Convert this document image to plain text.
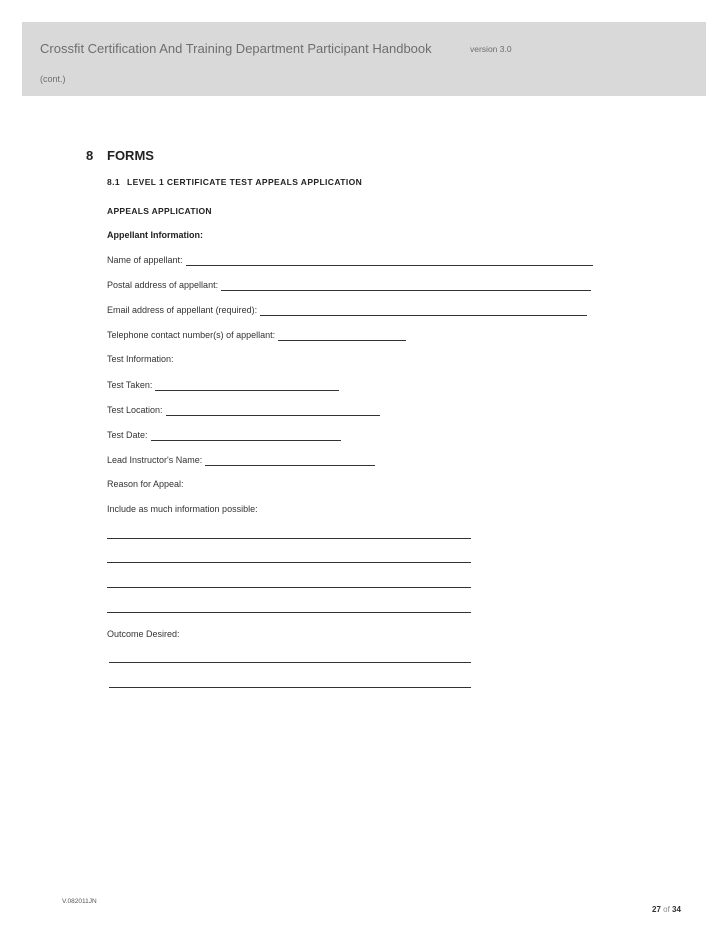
Crossfit Certification And Training Department Participant Handbook	version 3.0
(cont.)
8 FORMS
8.1 LEVEL 1 CERTIFICATE TEST APPEALS APPLICATION
APPEALS APPLICATION
Appellant Information:
Name of appellant:
Postal address of appellant:
Email address of appellant (required):
Telephone contact number(s) of appellant:
Test Information:
Test Taken:
Test Location:
Test Date:
Lead Instructor's Name:
Reason for Appeal:
Include as much information possible:
Outcome Desired:
V.082011JN
27 of 34
